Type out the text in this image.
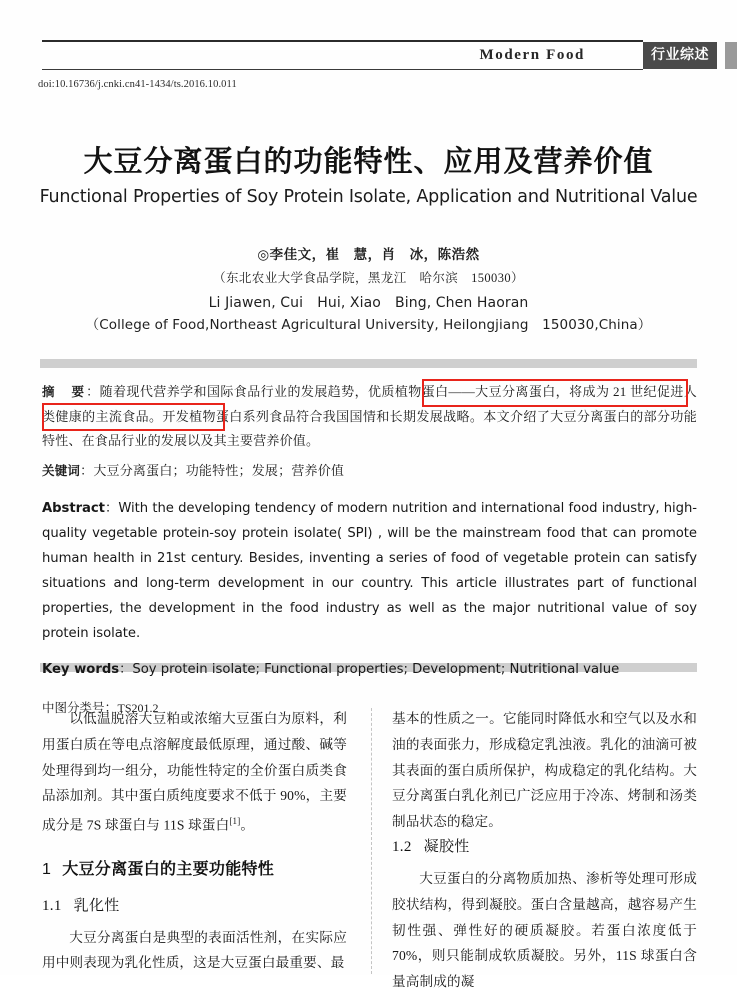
Modern Food	行业综述
doi:10.16736/j.cnki.cn41-1434/ts.2016.10.011
大豆分离蛋白的功能特性、应用及营养价值
Functional Properties of Soy Protein Isolate, Application and Nutritional Value
◎李佳文，崔　慧，肖　冰，陈浩然
（东北农业大学食品学院，黑龙江　哈尔滨　150030）
Li Jiawen, Cui　Hui, Xiao　Bing, Chen Haoran
（College of Food,Northeast Agricultural University, Heilongjiang　150030,China）
摘　要：随着现代营养学和国际食品行业的发展趋势，优质植物蛋白——大豆分离蛋白，将成为 21 世纪促进人类健康的主流食品。开发植物蛋白系列食品符合我国国情和长期发展战略。本文介绍了大豆分离蛋白的部分功能特性、在食品行业的发展以及其主要营养价值。
关键词：大豆分离蛋白；功能特性；发展；营养价值
Abstract：With the developing tendency of modern nutrition and international food industry, high-quality vegetable protein-soy protein isolate( SPI) , will be the mainstream food that can promote human health in 21st century. Besides, inventing a series of food of vegetable protein can satisfy situations and long-term development in our country. This article illustrates part of functional properties, the development in the food industry as well as the major nutritional value of soy protein isolate.
Key words：Soy protein isolate; Functional properties; Development; Nutritional value
中图分类号：TS201.2

以低温脱溶大豆粕或浓缩大豆蛋白为原料，利用蛋白质在等电点溶解度最低原理，通过酸、碱等处理得到均一组分，功能性特定的全价蛋白质类食品添加剂。其中蛋白质纯度要求不低于 90%，主要成分是 7S 球蛋白与 11S 球蛋白[1]。

1 大豆分离蛋白的主要功能特性
1.1 乳化性

大豆分离蛋白是典型的表面活性剂，在实际应用中则表现为乳化性质，这是大豆蛋白最重要、最

基本的性质之一。它能同时降低水和空气以及水和油的表面张力，形成稳定乳浊液。乳化的油滴可被其表面的蛋白质所保护，构成稳定的乳化结构。大豆分离蛋白乳化剂已广泛应用于冷冻、烤制和汤类制品状态的稳定。

1.2 凝胶性

大豆蛋白的分离物质加热、渗析等处理可形成胶状结构，得到凝胶。蛋白含量越高，越容易产生韧性强、弹性好的硬质凝胶。若蛋白浓度低于 70%，则只能制成软质凝胶。另外，11S 球蛋白含量高制成的凝
